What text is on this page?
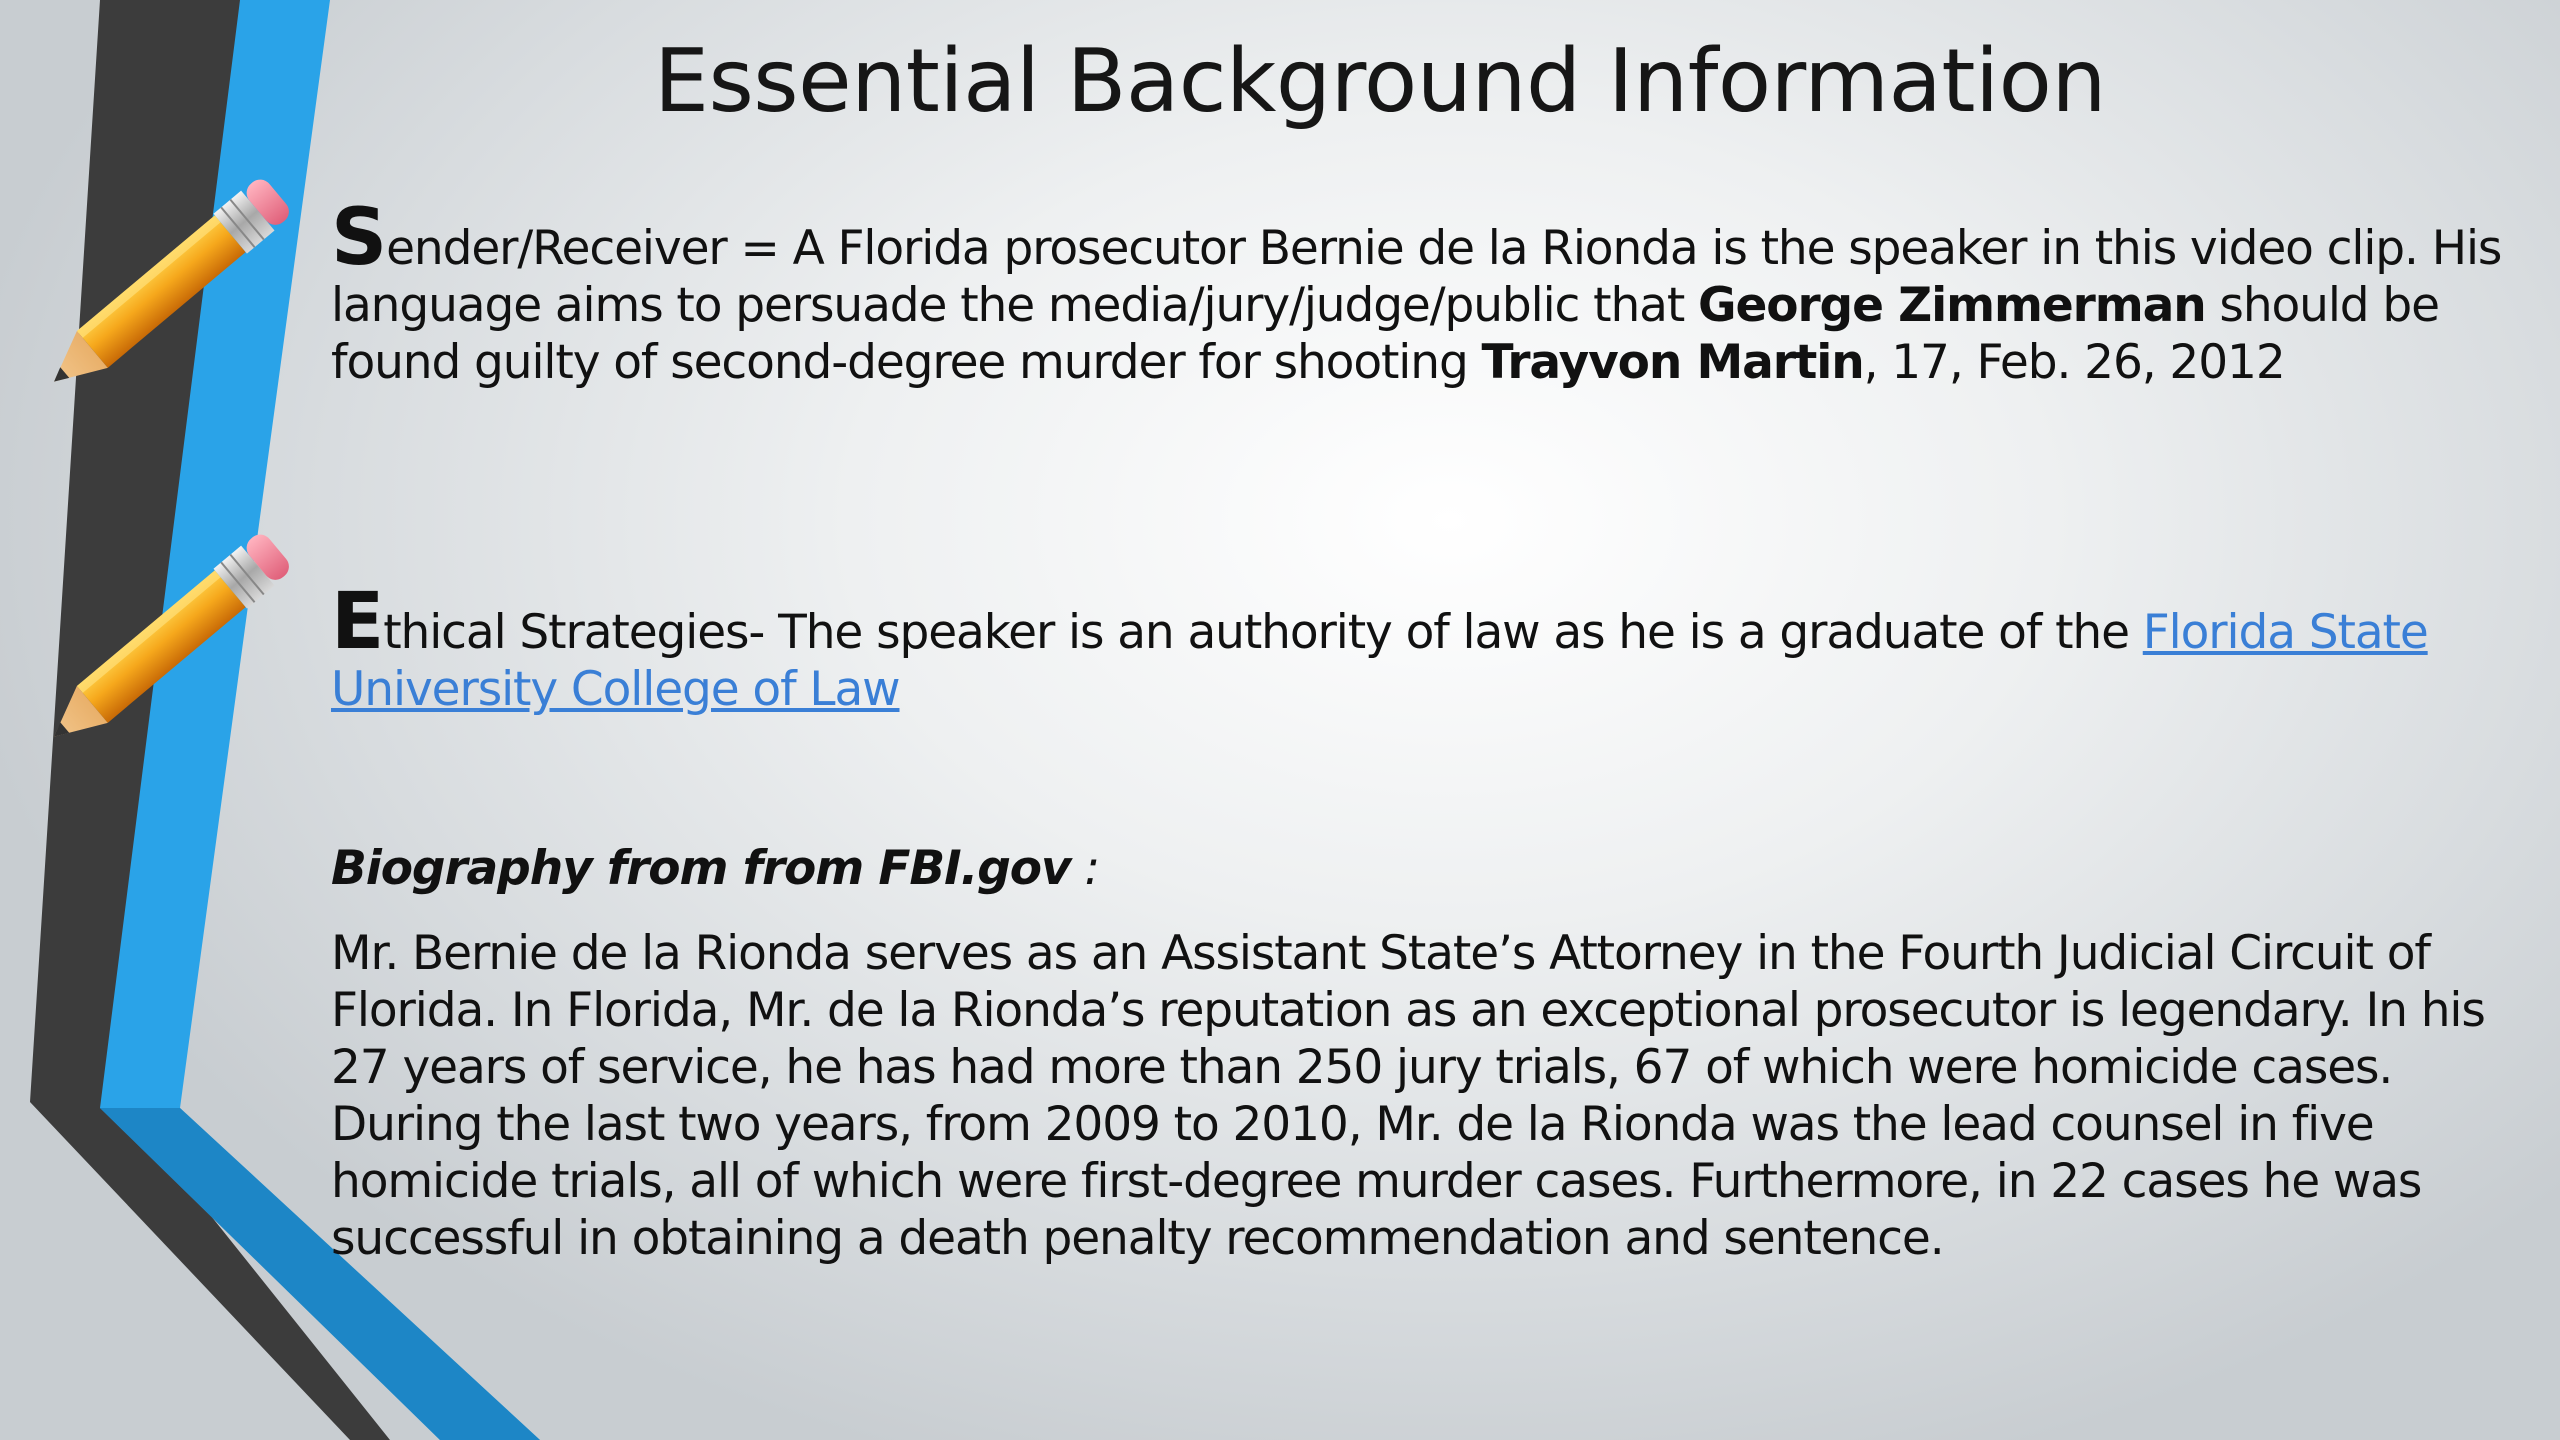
Essential Background Information

Sender/Receiver = A Florida prosecutor Bernie de la Rionda is the speaker in this video clip. His language aims to persuade the media/jury/judge/public that George Zimmerman should be found guilty of second-degree murder for shooting Trayvon Martin, 17, Feb. 26, 2012

Ethical Strategies- The speaker is an authority of law as he is a graduate of the Florida State University College of Law

Biography from from FBI.gov :

Mr. Bernie de la Rionda serves as an Assistant State’s Attorney in the Fourth Judicial Circuit of Florida. In Florida, Mr. de la Rionda’s reputation as an exceptional prosecutor is legendary. In his 27 years of service, he has had more than 250 jury trials, 67 of which were homicide cases. During the last two years, from 2009 to 2010, Mr. de la Rionda was the lead counsel in five homicide trials, all of which were first-degree murder cases. Furthermore, in 22 cases he was successful in obtaining a death penalty recommendation and sentence.
